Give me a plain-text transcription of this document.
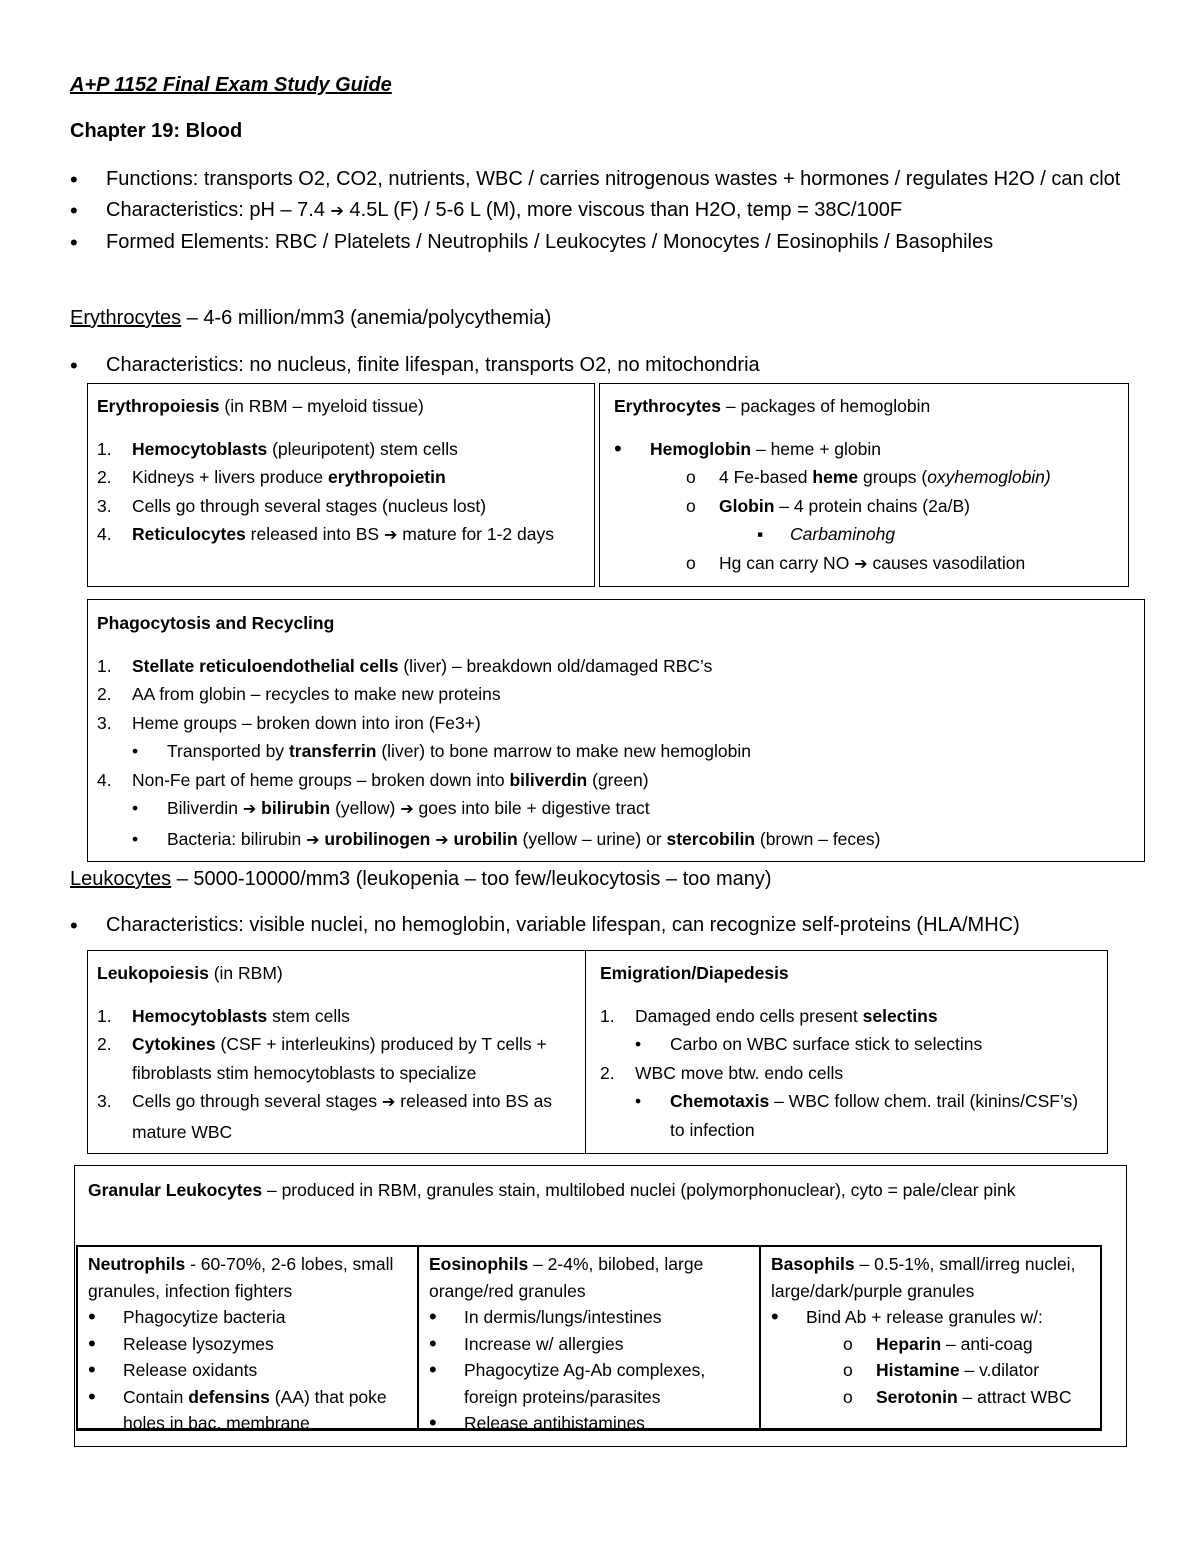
A+P 1152 Final Exam Study Guide
Chapter 19: Blood
• Functions: transports O2, CO2, nutrients, WBC / carries nitrogenous wastes + hormones / regulates H2O / can clot
• Characteristics: pH – 7.4 ➔ 4.5L (F) / 5-6 L (M), more viscous than H2O, temp = 38C/100F
• Formed Elements: RBC / Platelets / Neutrophils / Leukocytes / Monocytes / Eosinophils / Basophiles
Erythrocytes – 4-6 million/mm3 (anemia/polycythemia)
• Characteristics: no nucleus, finite lifespan, transports O2, no mitochondria
Erythropoiesis (in RBM – myeloid tissue)
1. Hemocytoblasts (pleuripotent) stem cells
2. Kidneys + livers produce erythropoietin
3. Cells go through several stages (nucleus lost)
4. Reticulocytes released into BS ➔ mature for 1-2 days
Erythrocytes – packages of hemoglobin
• Hemoglobin – heme + globin
o 4 Fe-based heme groups (oxyhemoglobin)
o Globin – 4 protein chains (2a/B)
▪ Carbaminohg
o Hg can carry NO ➔ causes vasodilation
Phagocytosis and Recycling
1. Stellate reticuloendothelial cells (liver) – breakdown old/damaged RBC’s
2. AA from globin – recycles to make new proteins
3. Heme groups – broken down into iron (Fe3+)
• Transported by transferrin (liver) to bone marrow to make new hemoglobin
4. Non-Fe part of heme groups – broken down into biliverdin (green)
• Biliverdin ➔ bilirubin (yellow) ➔ goes into bile + digestive tract
• Bacteria: bilirubin ➔ urobilinogen ➔ urobilin (yellow – urine) or stercobilin (brown – feces)
Leukocytes – 5000-10000/mm3 (leukopenia – too few/leukocytosis – too many)
• Characteristics: visible nuclei, no hemoglobin, variable lifespan, can recognize self-proteins (HLA/MHC)
Leukopoiesis (in RBM)
1. Hemocytoblasts stem cells
2. Cytokines (CSF + interleukins) produced by T cells + fibroblasts stim hemocytoblasts to specialize
3. Cells go through several stages ➔ released into BS as mature WBC
Emigration/Diapedesis
1. Damaged endo cells present selectins
• Carbo on WBC surface stick to selectins
2. WBC move btw. endo cells
• Chemotaxis – WBC follow chem. trail (kinins/CSF’s) to infection
Granular Leukocytes – produced in RBM, granules stain, multilobed nuclei (polymorphonuclear), cyto = pale/clear pink
Neutrophils - 60-70%, 2-6 lobes, small granules, infection fighters
• Phagocytize bacteria
• Release lysozymes
• Release oxidants
• Contain defensins (AA) that poke holes in bac. membrane
Eosinophils – 2-4%, bilobed, large orange/red granules
• In dermis/lungs/intestines
• Increase w/ allergies
• Phagocytize Ag-Ab complexes, foreign proteins/parasites
• Release antihistamines
Basophils – 0.5-1%, small/irreg nuclei, large/dark/purple granules
• Bind Ab + release granules w/:
o Heparin – anti-coag
o Histamine – v.dilator
o Serotonin – attract WBC
